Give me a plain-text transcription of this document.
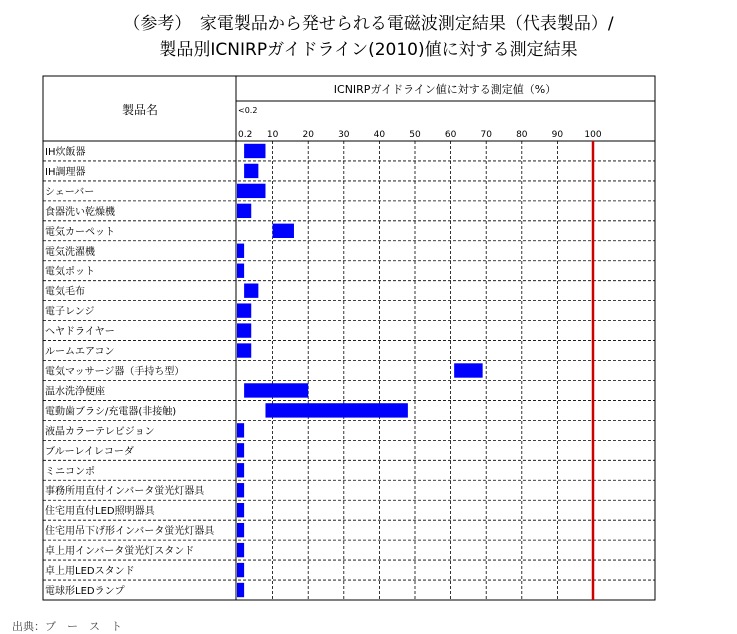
（参考）　家電製品から発せられる電磁波測定結果（代表製品）/
製品別ICNIRPガイドライン(2010)値に対する測定結果
製品名
ICNIRPガイドライン値に対する測定値（%）
<0.2
0.2 10	20	30	40	50	60	70	80	90 100
IH炊飯器
IH調理器
シェーバー
食器洗い乾燥機
電気カーペット
電気洗濯機
電気ポット
電気毛布
電子レンジ
ヘヤドライヤー
ルームエアコン
電気マッサージ器（手持ち型）
温水洗浄便座
電動歯ブラシ/充電器(非接触)
液晶カラーテレビジョン
ブルーレイレコーダ
ミニコンポ
事務所用直付インバータ蛍光灯器具
住宅用直付LED照明器具
住宅用吊下げ形インバータ蛍光灯器具
卓上用インバータ蛍光灯スタンド
卓上用LEDスタンド
電球形LEDランプ
出典：ブ　ー　ス　ト
